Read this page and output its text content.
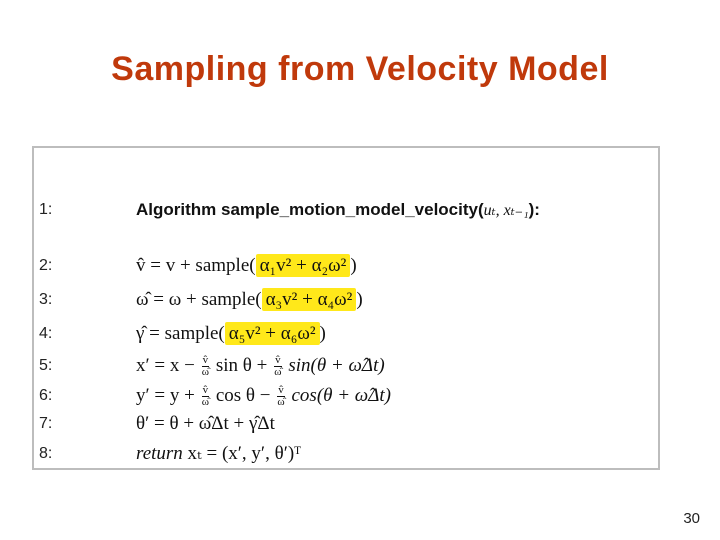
Sampling from Velocity Model
1:	Algorithm sample_motion_model_velocity(uₜ, xₜ₋₁):
2:	v̂ = v + sample( α₁v² + α₂ω² )
3:	ω̂ = ω + sample( α₃v² + α₄ω² )
4:	γ̂ = sample( α₅v² + α₆ω² )
5:	$x' = x - \frac{v̂}{\omegâ}$ $\sin \theta + \frac{v̂}{\omegâ} \sin(\theta$ + ω̂Δt)
6:	$y' = y + \frac{v̂}{\omegâ}$ $\cos \theta - \frac{v̂}{\omegâ} \cos(\theta$ + ω̂Δt)
7:	θ′ = θ + ω̂Δt + γ̂Δt
8:	return xₜ = (x′, y′, θ′)ᵀ
30
